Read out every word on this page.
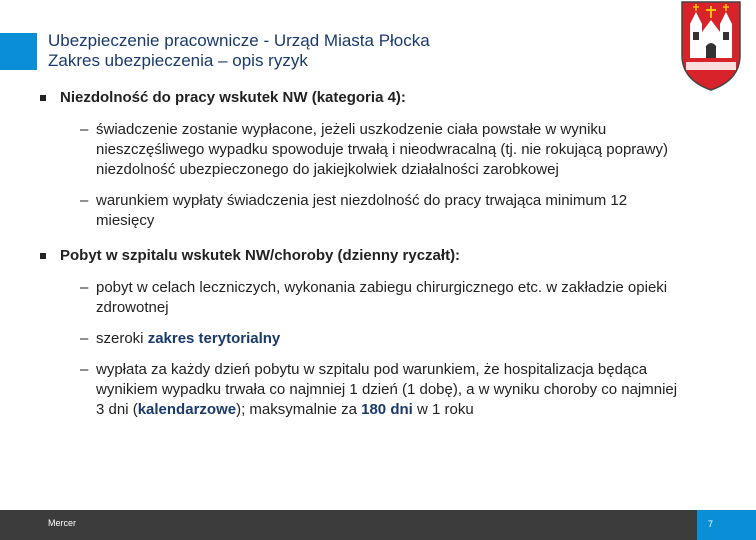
Ubezpieczenie pracownicze - Urząd Miasta Płocka
Zakres ubezpieczenia – opis ryzyk
Niezdolność do pracy wskutek NW (kategoria 4):
– świadczenie zostanie wypłacone, jeżeli uszkodzenie ciała powstałe w wyniku nieszczęśliwego wypadku spowoduje trwałą i nieodwracalną (tj. nie rokującą poprawy) niezdolność ubezpieczonego do jakiejkolwiek działalności zarobkowej
– warunkiem wypłaty świadczenia jest niezdolność do pracy trwająca minimum 12 miesięcy
Pobyt w szpitalu wskutek NW/choroby (dzienny ryczałt):
– pobyt w celach leczniczych, wykonania zabiegu chirurgicznego etc. w zakładzie opieki zdrowotnej
– szeroki zakres terytorialny
– wypłata za każdy dzień pobytu w szpitalu pod warunkiem, że hospitalizacja będąca wynikiem wypadku trwała co najmniej 1 dzień (1 dobę), a w wyniku choroby co najmniej 3 dni (kalendarzowe); maksymalnie za 180 dni w 1 roku
Mercer	7
